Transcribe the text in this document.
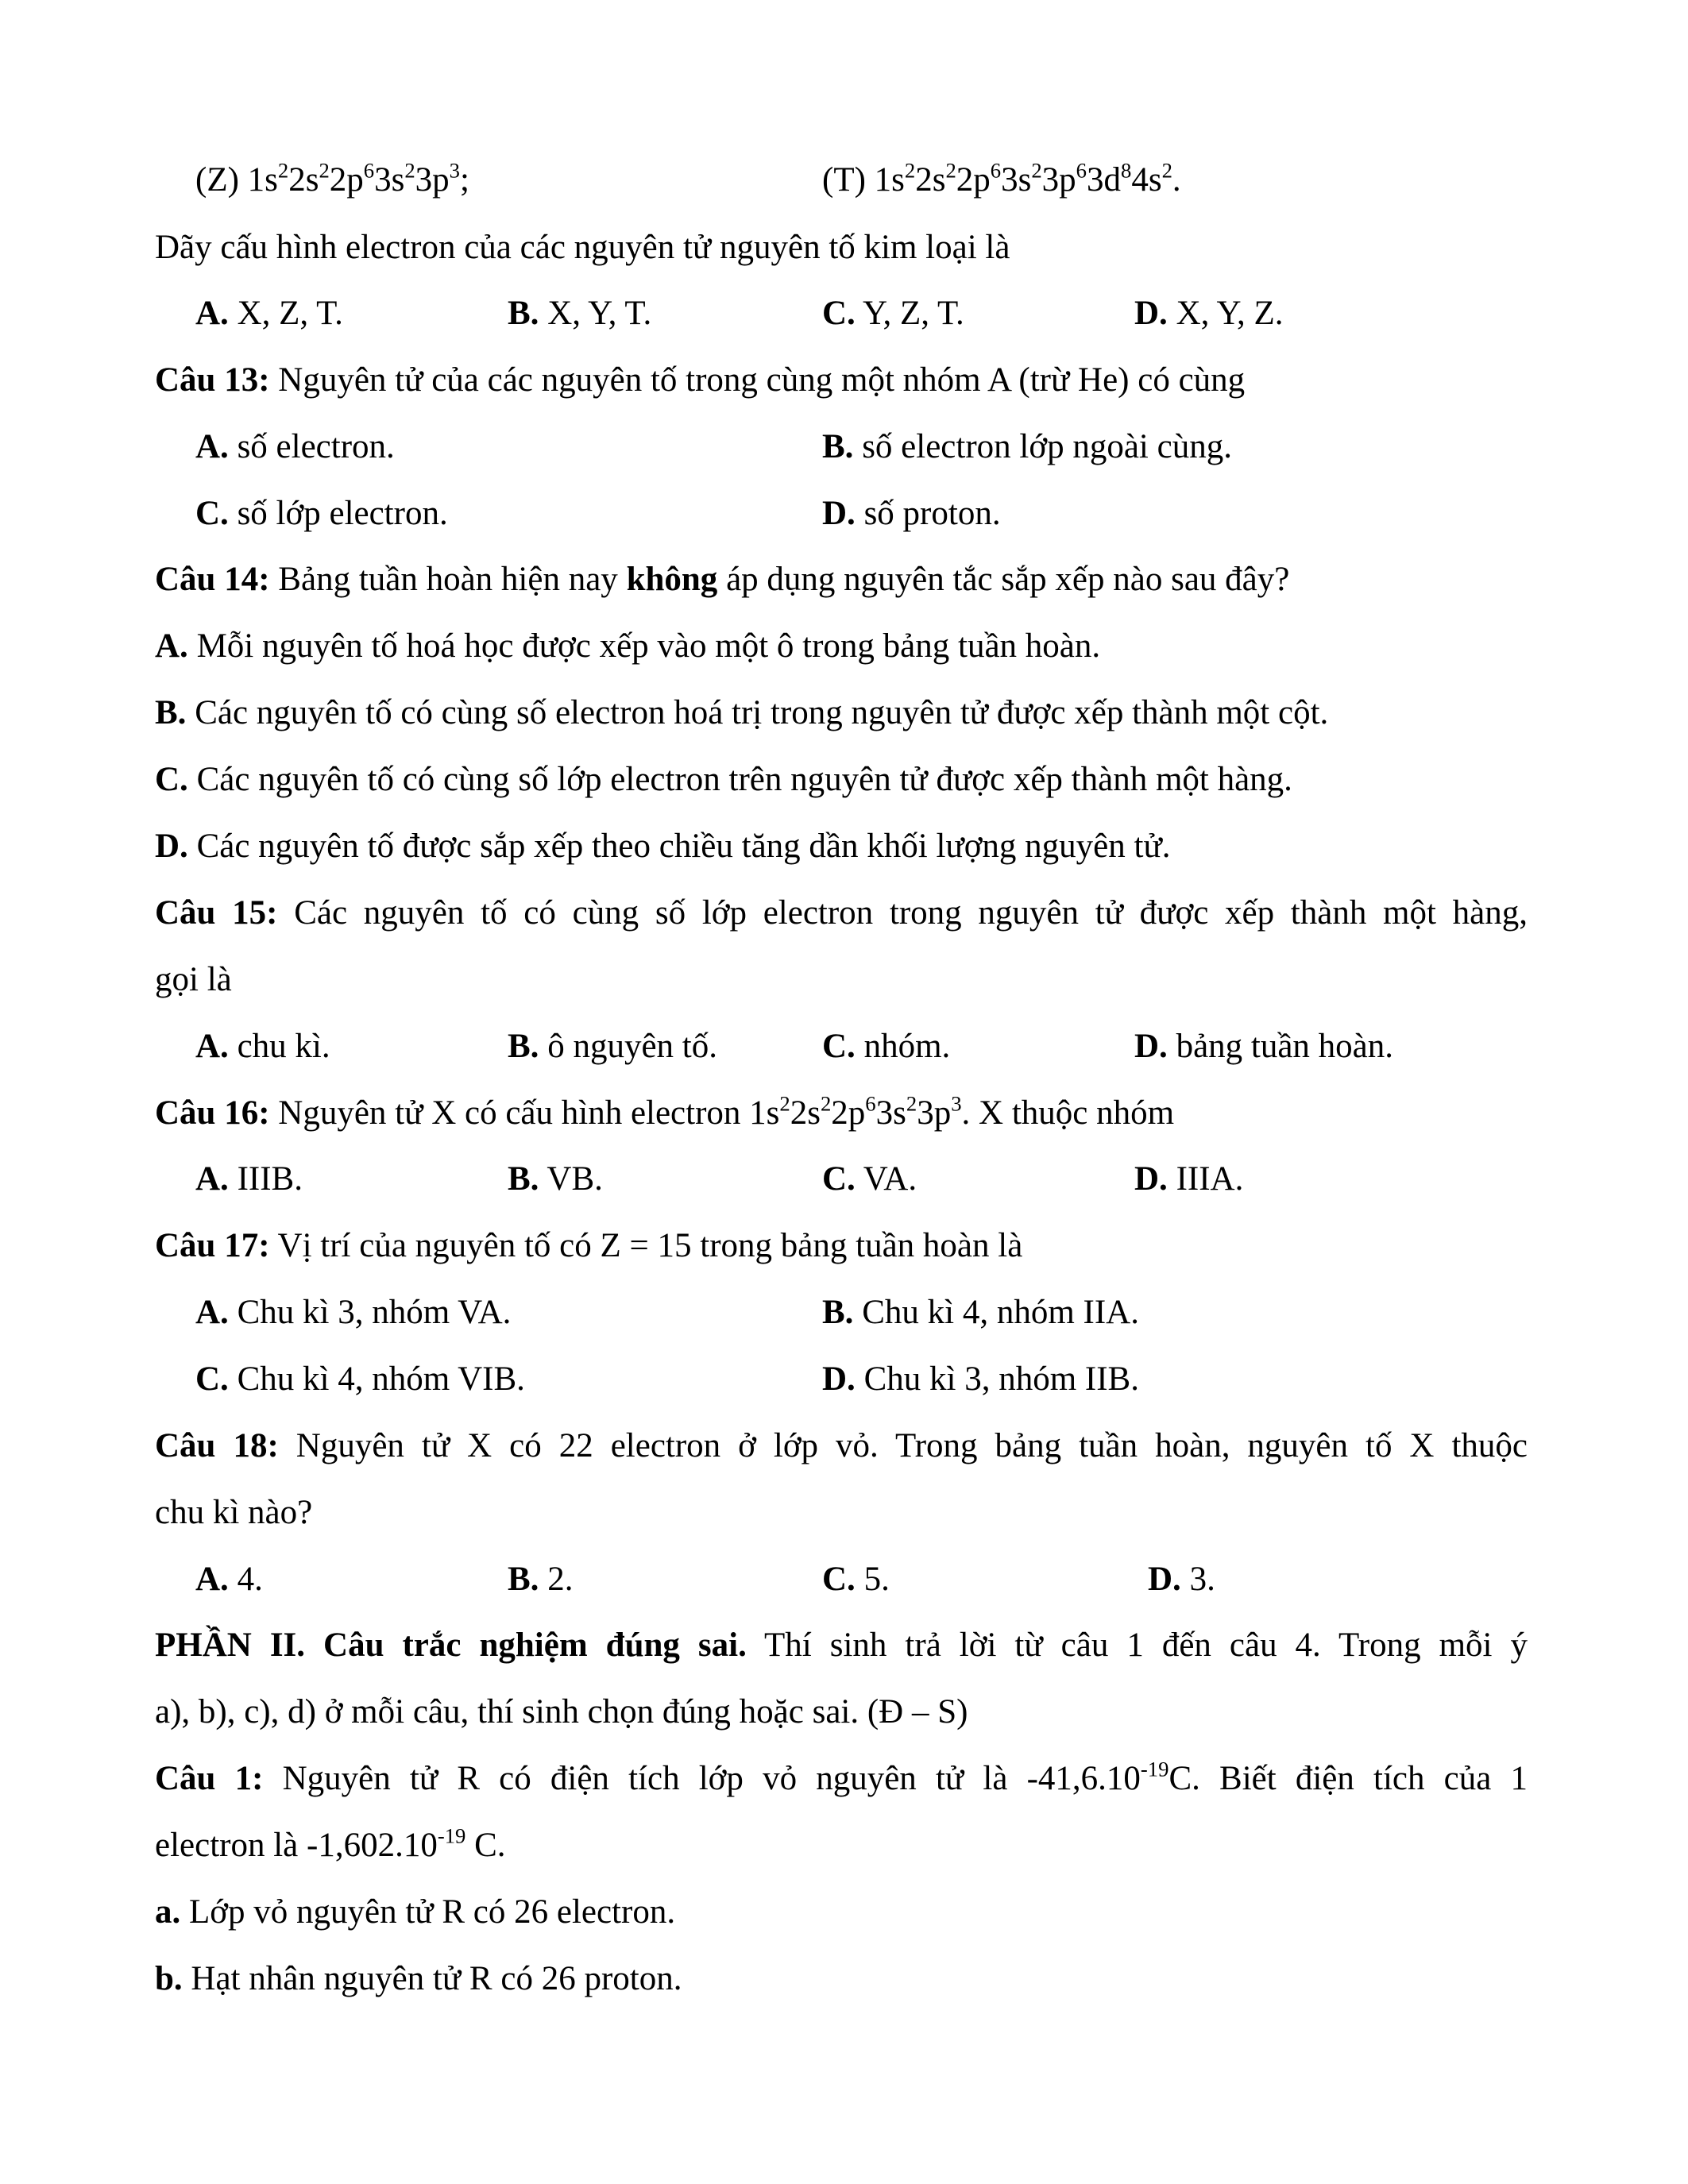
(Z) $1s^22s^22p^63s^23p^3$;	(T) $1s^22s^22p^63s^23p^63d^84s^2$.
Dãy cấu hình electron của các nguyên tử nguyên tố kim loại là
A. X, Z, T.	B. X, Y, T.	C. Y, Z, T.	D. X, Y, Z.
Câu 13: Nguyên tử của các nguyên tố trong cùng một nhóm A (trừ He) có cùng
A. số electron.	B. số electron lớp ngoài cùng.
C. số lớp electron.	D. số proton.
Câu 14: Bảng tuần hoàn hiện nay không áp dụng nguyên tắc sắp xếp nào sau đây?
A. Mỗi nguyên tố hoá học được xếp vào một ô trong bảng tuần hoàn.
B. Các nguyên tố có cùng số electron hoá trị trong nguyên tử được xếp thành một cột.
C. Các nguyên tố có cùng số lớp electron trên nguyên tử được xếp thành một hàng.
D. Các nguyên tố được sắp xếp theo chiều tăng dần khối lượng nguyên tử.
Câu 15: Các nguyên tố có cùng số lớp electron trong nguyên tử được xếp thành một hàng,
gọi là
A. chu kì.	B. ô nguyên tố.	C. nhóm.	D. bảng tuần hoàn.
Câu 16: Nguyên tử X có cấu hình electron $1s^22s^22p^63s^23p^3$. X thuộc nhóm
A. IIIB.	B. VB.	C. VA.	D. IIIA.
Câu 17: Vị trí của nguyên tố có Z = 15 trong bảng tuần hoàn là
A. Chu kì 3, nhóm VA.	B. Chu kì 4, nhóm IIA.
C. Chu kì 4, nhóm VIB.	D. Chu kì 3, nhóm IIB.
Câu 18: Nguyên tử X có 22 electron ở lớp vỏ. Trong bảng tuần hoàn, nguyên tố X thuộc
chu kì nào?
A. 4.	B. 2.	C. 5.	D. 3.
PHẦN II. Câu trắc nghiệm đúng sai. Thí sinh trả lời từ câu 1 đến câu 4. Trong mỗi ý
a), b), c), d) ở mỗi câu, thí sinh chọn đúng hoặc sai. (Đ – S)
Câu 1: Nguyên tử R có điện tích lớp vỏ nguyên tử là $-41,6.10^{-19}C$. Biết điện tích của 1
electron là $-1,602.10^{-19}$ C.
a. Lớp vỏ nguyên tử R có 26 electron.
b. Hạt nhân nguyên tử R có 26 proton.
